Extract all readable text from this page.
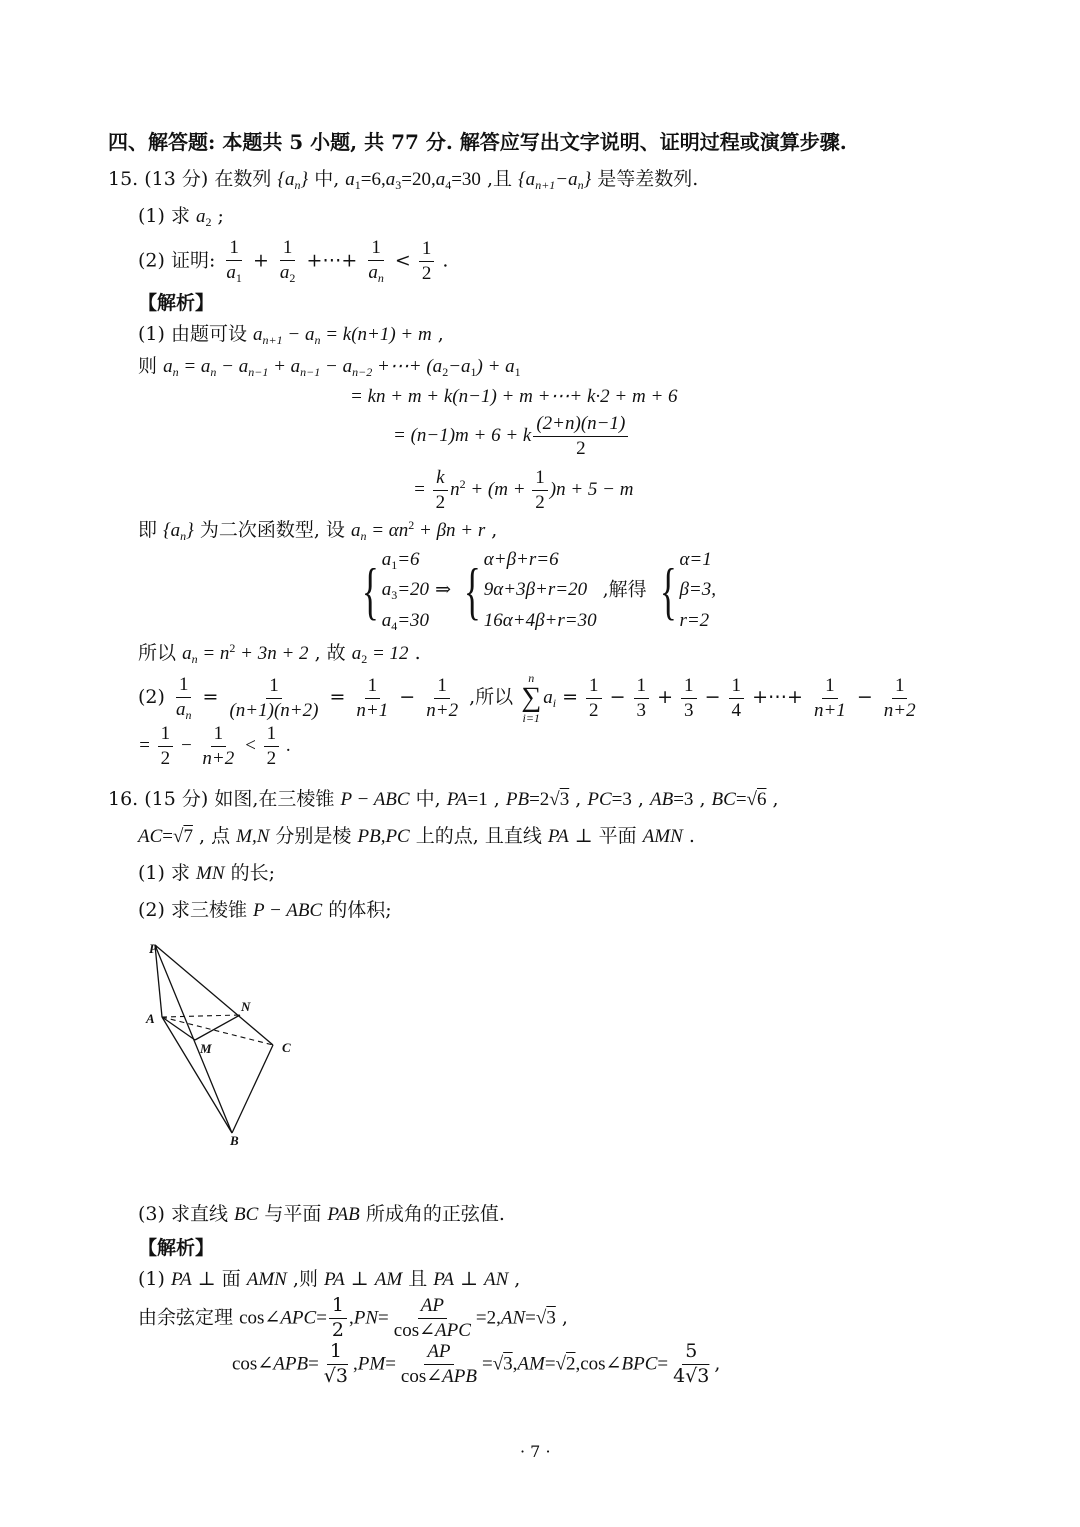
四、解答题: 本题共 5 小题, 共 77 分. 解答应写出文字说明、证明过程或演算步骤.
15. (13 分) 在数列 $\{a_n\}$ 中, $a_1=6,a_3=20,a_4=30$ ,且 $\{a_{n+1}-a_n\}$ 是等差数列.
(1) 求 $a_2$ ;
(2) 证明: $\frac{1}{a_1} + \frac{1}{a_2}$ +⋯+ $\frac{1}{a_n} < \frac{1}{2}$ .
【解析】
(1) 由题可设 $a_{n+1} - a_n = k(n+1) + m$ ,
则 $a_n = a_n - a_{n-1} + a_{n-1} - a_{n-2}$ +⋯+ $(a_2-a_1) + a_1$
= kn + m + k(n−1) + m +⋯+ k·2 + m + 6
= (n−1)m + 6 + k $\frac{(2+n)(n-1)}{2}$
= $\frac{k}{2} n^2 + (m + \frac{1}{2} )n + 5 - m$
即 $\{a_n\}$ 为二次函数型, 设 $a_n = \alpha n^2 + \beta n + r$ ,
{ $a_1=6$
$a_3=20$
$a_4=30$
⇒ { α+β+r=6
9α+3β+r=20
16α+4β+r=30
,解得 { α=1
β=3,
r=2
所以 $a_n = n^2 + 3n + 2$ , 故 $a_2 = 12$ .
$(2) \frac{1}{a_n} = \frac{1}{(n+1)(n+2)} = \frac{1}{n+1} - \frac{1}{n+2}$ ,所以
n
∑
i=1
$a_i = \frac{1}{2} - \frac{1}{3} + \frac{1}{3} - \frac{1}{4}$ +⋯+ $\frac{1}{n+1} - \frac{1}{n+2}$
= $\frac{1}{2} - \frac{1}{n+2} < \frac{1}{2}$ .
16. (15 分) 如图,在三棱锥 P − ABC 中, PA=1 , PB=2√3 , PC=3 , AB=3 , BC=√6 ,
AC=√7 , 点 M,N 分别是棱 PB,PC 上的点, 且直线 PA ⊥ 平面 AMN .
(1) 求 MN 的长;
(2) 求三棱锥 P − ABC 的体积;
P
A
N
M	C
B
(3) 求直线 BC 与平面 PAB 所成角的正弦值.
【解析】
(1) PA ⊥ 面 AMN ,则 PA ⊥ AM 且 PA ⊥ AN ,
由余弦定理 cos∠APC= $\frac{1}{2} ,PN= \frac{AP}{\text{cos∠APC}} =2,AN=√3$ ,
cos∠APB= $\frac{1}{√3} ,PM= \frac{AP}{\text{cos∠APB}}$ =√3,AM=√2,cos∠BPC= $\frac{5}{4√3}$ ,
· 7 ·
